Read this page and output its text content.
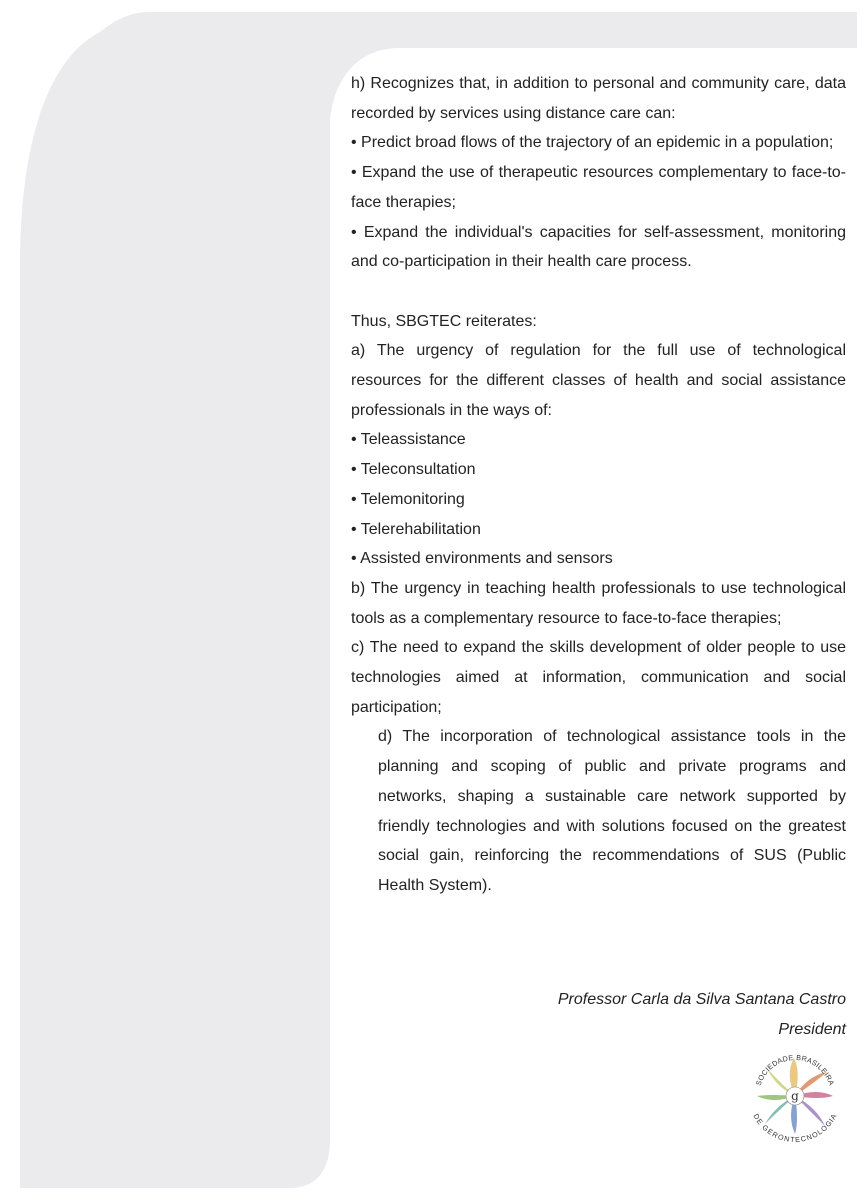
h) Recognizes that, in addition to personal and community care, data recorded by services using distance care can:

• Predict broad flows of the trajectory of an epidemic in a population;

• Expand the use of therapeutic resources complementary to face-to-face therapies;

• Expand the individual's capacities for self-assessment, monitoring and co-participation in their health care process.

Thus, SBGTEC reiterates:

a) The urgency of regulation for the full use of technological resources for the different classes of health and social assistance professionals in the ways of:

• Teleassistance

• Teleconsultation

• Telemonitoring

• Telerehabilitation

• Assisted environments and sensors

b) The urgency in teaching health professionals to use technological tools as a complementary resource to face-to-face therapies;

c) The need to expand the skills development of older people to use technologies aimed at information, communication and social participation;

d) The incorporation of technological assistance tools in the planning and scoping of public and private programs and networks, shaping a sustainable care network supported by friendly technologies and with solutions focused on the greatest social gain, reinforcing the recommendations of SUS (Public Health System).

Professor Carla da Silva Santana Castro
President
g
SOCIEDADE BRASILEIRA
DE GERONTECNOLOGIA
